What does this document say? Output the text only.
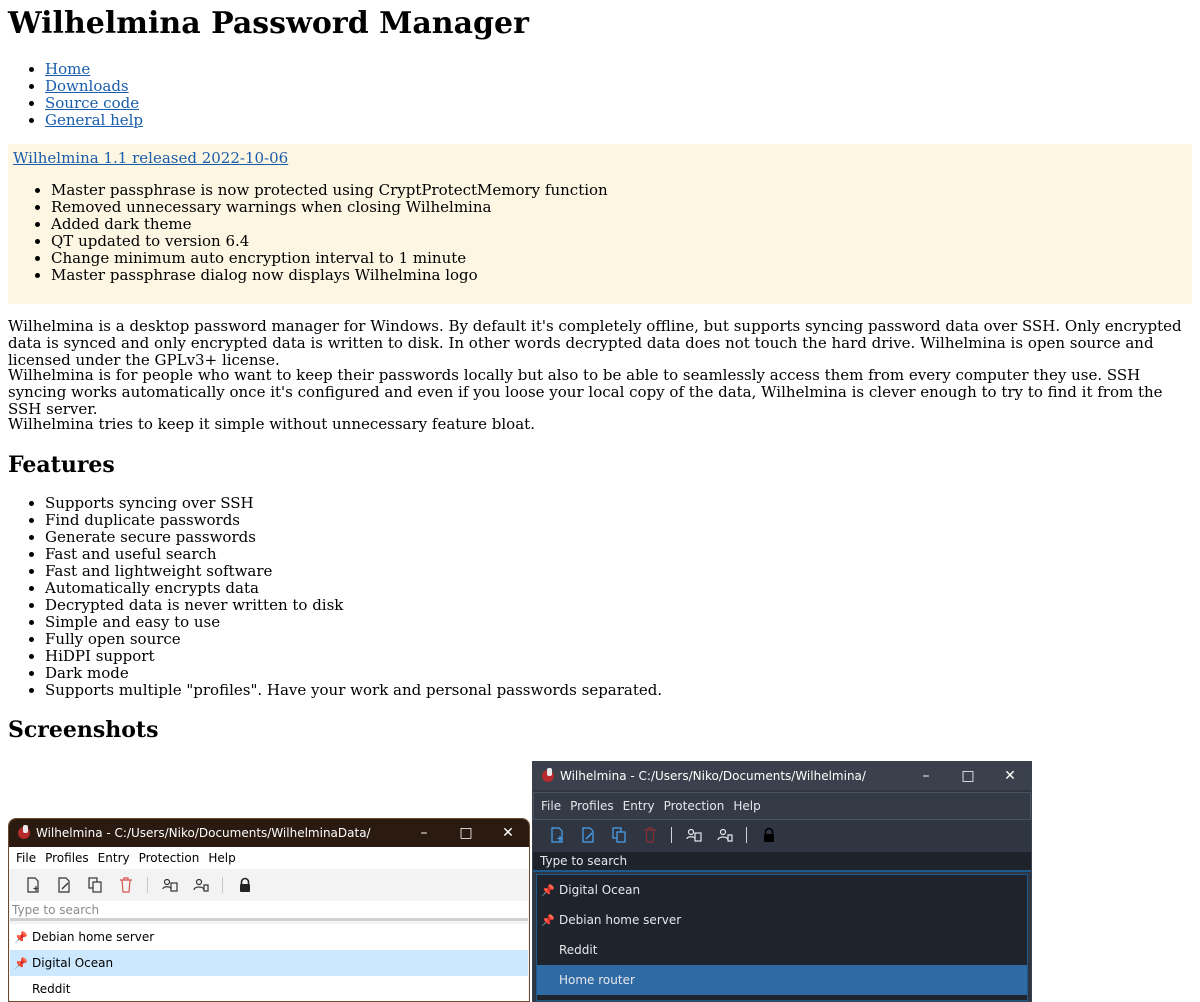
Wilhelmina Password Manager
• Home
• Downloads
• Source code
• General help
Wilhelmina 1.1 released 2022-10-06
• Master passphrase is now protected using CryptProtectMemory function
• Removed unnecessary warnings when closing Wilhelmina
• Added dark theme
• QT updated to version 6.4
• Change minimum auto encryption interval to 1 minute
• Master passphrase dialog now displays Wilhelmina logo

Wilhelmina is a desktop password manager for Windows. By default it's completely offline, but supports syncing password data over SSH. Only encrypted data is synced and only encrypted data is written to disk. In other words decrypted data does not touch the hard drive. Wilhelmina is open source and licensed under the GPLv3+ license.

Wilhelmina is for people who want to keep their passwords locally but also to be able to seamlessly access them from every computer they use. SSH syncing works automatically once it's configured and even if you loose your local copy of the data, Wilhelmina is clever enough to try to find it from the SSH server.

Wilhelmina tries to keep it simple without unnecessary feature bloat.

Features
• Supports syncing over SSH
• Find duplicate passwords
• Generate secure passwords
• Fast and useful search
• Fast and lightweight software
• Automatically encrypts data
• Decrypted data is never written to disk
• Simple and easy to use
• Fully open source
• HiDPI support
• Dark mode
• Supports multiple "profiles". Have your work and personal passwords separated.
Screenshots
Wilhelmina - C:/Users/Niko/Documents/WilhelminaData/	–	□	✕
File Profiles Entry Protection Help
Type to search
📌 Debian home server
📌 Digital Ocean
Reddit
Wilhelmina - C:/Users/Niko/Documents/Wilhelmina/	–	□	✕
File Profiles Entry Protection Help
Type to search
📌 Digital Ocean
📌 Debian home server
Reddit
Home router
